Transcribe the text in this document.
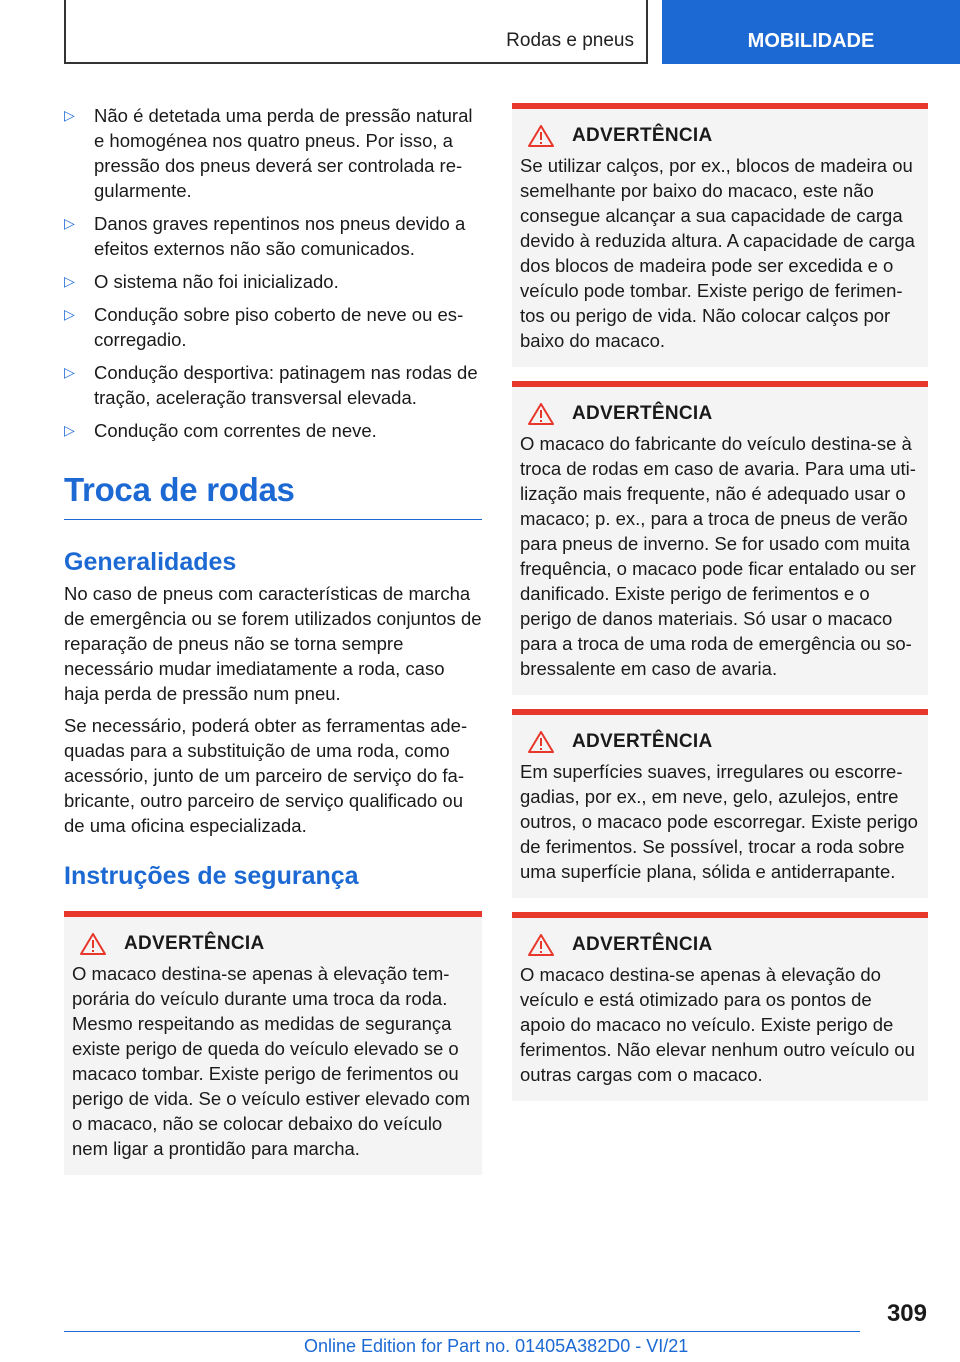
Rodas e pneus	MOBILIDADE
▷ Não é detetada uma perda de pressão natural e homogénea nos quatro pneus. Por isso, a pressão dos pneus deverá ser controlada regularmente.
▷ Danos graves repentinos nos pneus devido a efeitos externos não são comunicados.
▷ O sistema não foi inicializado.
▷ Condução sobre piso coberto de neve ou escorregadio.
▷ Condução desportiva: patinagem nas rodas de tração, aceleração transversal elevada.
▷ Condução com correntes de neve.
Troca de rodas
Generalidades

No caso de pneus com características de marcha de emergência ou se forem utilizados conjuntos de reparação de pneus não se torna sempre necessário mudar imediatamente a roda, caso haja perda de pressão num pneu.

Se necessário, poderá obter as ferramentas adequadas para a substituição de uma roda, como acessório, junto de um parceiro de serviço do fabricante, outro parceiro de serviço qualificado ou de uma oficina especializada.

Instruções de segurança
ADVERTÊNCIA
O macaco destina-se apenas à elevação temporária do veículo durante uma troca da roda. Mesmo respeitando as medidas de segurança existe perigo de queda do veículo elevado se o macaco tombar. Existe perigo de ferimentos ou perigo de vida. Se o veículo estiver elevado com o macaco, não se colocar debaixo do veículo nem ligar a prontidão para marcha.
ADVERTÊNCIA
Se utilizar calços, por ex., blocos de madeira ou semelhante por baixo do macaco, este não consegue alcançar a sua capacidade de carga devido à reduzida altura. A capacidade de carga dos blocos de madeira pode ser excedida e o veículo pode tombar. Existe perigo de ferimentos ou perigo de vida. Não colocar calços por baixo do macaco.
ADVERTÊNCIA
O macaco do fabricante do veículo destina-se à troca de rodas em caso de avaria. Para uma utilização mais frequente, não é adequado usar o macaco; p. ex., para a troca de pneus de verão para pneus de inverno. Se for usado com muita frequência, o macaco pode ficar entalado ou ser danificado. Existe perigo de ferimentos e o perigo de danos materiais. Só usar o macaco para a troca de uma roda de emergência ou sobressalente em caso de avaria.
ADVERTÊNCIA
Em superfícies suaves, irregulares ou escorregadias, por ex., em neve, gelo, azulejos, entre outros, o macaco pode escorregar. Existe perigo de ferimentos. Se possível, trocar a roda sobre uma superfície plana, sólida e antiderrapante.
ADVERTÊNCIA
O macaco destina-se apenas à elevação do veículo e está otimizado para os pontos de apoio do macaco no veículo. Existe perigo de ferimentos. Não elevar nenhum outro veículo ou outras cargas com o macaco.
309
Online Edition for Part no. 01405A382D0 - VI/21
